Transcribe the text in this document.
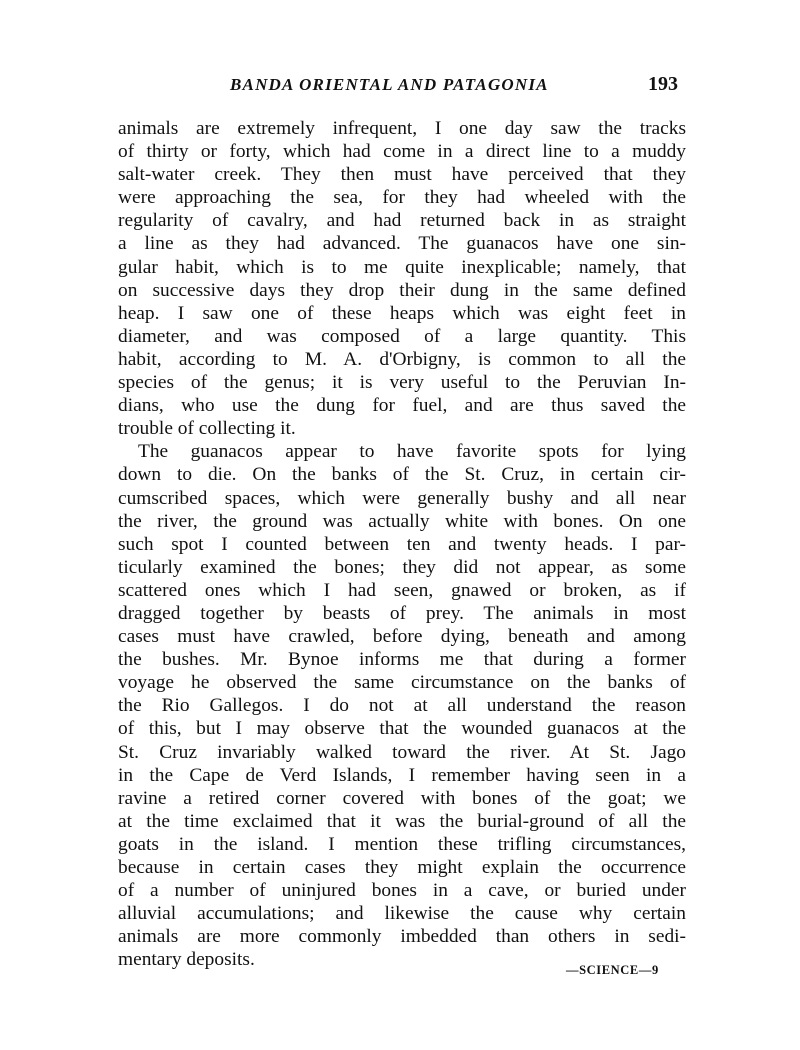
BANDA ORIENTAL AND PATAGONIA	193
animals are extremely infrequent, I one day saw the tracks
of thirty or forty, which had come in a direct line to a muddy
salt-water creek. They then must have perceived that they
were approaching the sea, for they had wheeled with the
regularity of cavalry, and had returned back in as straight
a line as they had advanced. The guanacos have one sin-
gular habit, which is to me quite inexplicable; namely, that
on successive days they drop their dung in the same defined
heap. I saw one of these heaps which was eight feet in
diameter, and was composed of a large quantity. This
habit, according to M. A. d'Orbigny, is common to all the
species of the genus; it is very useful to the Peruvian In-
dians, who use the dung for fuel, and are thus saved the
trouble of collecting it.
The guanacos appear to have favorite spots for lying
down to die. On the banks of the St. Cruz, in certain cir-
cumscribed spaces, which were generally bushy and all near
the river, the ground was actually white with bones. On one
such spot I counted between ten and twenty heads. I par-
ticularly examined the bones; they did not appear, as some
scattered ones which I had seen, gnawed or broken, as if
dragged together by beasts of prey. The animals in most
cases must have crawled, before dying, beneath and among
the bushes. Mr. Bynoe informs me that during a former
voyage he observed the same circumstance on the banks of
the Rio Gallegos. I do not at all understand the reason
of this, but I may observe that the wounded guanacos at the
St. Cruz invariably walked toward the river. At St. Jago
in the Cape de Verd Islands, I remember having seen in a
ravine a retired corner covered with bones of the goat; we
at the time exclaimed that it was the burial-ground of all the
goats in the island. I mention these trifling circumstances,
because in certain cases they might explain the occurrence
of a number of uninjured bones in a cave, or buried under
alluvial accumulations; and likewise the cause why certain
animals are more commonly imbedded than others in sedi-
mentary deposits.	—SCIENCE—9
